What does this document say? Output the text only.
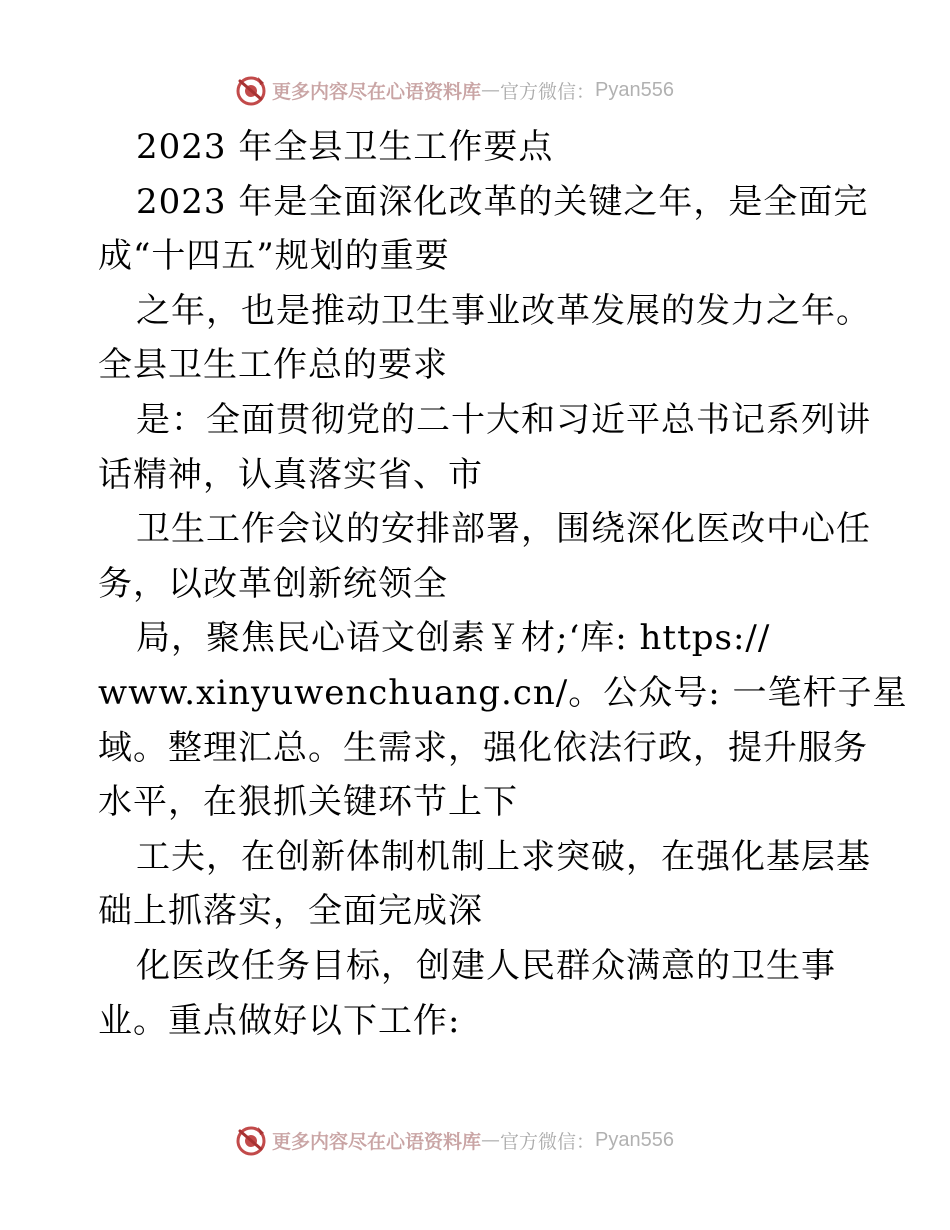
更多内容尽在心语资料库 — 官方微信： Pyan556
2023 年全县卫生工作要点
2023 年是全面深化改革的关键之年，是全面完
成“十四五”规划的重要
之年，也是推动卫生事业改革发展的发力之年。
全县卫生工作总的要求
是：全面贯彻党的二十大和习近平总书记系列讲
话精神，认真落实省、市
卫生工作会议的安排部署，围绕深化医改中心任
务，以改革创新统领全
局，聚焦民心语文创素￥材;‘库: https://
www.xinyuwenchuang.cn/。公众号: 一笔杆子星
域。整理汇总。生需求，强化依法行政，提升服务
水平，在狠抓关键环节上下
工夫，在创新体制机制上求突破，在强化基层基
础上抓落实，全面完成深
化医改任务目标，创建人民群众满意的卫生事
业。重点做好以下工作:
更多内容尽在心语资料库 — 官方微信： Pyan556
